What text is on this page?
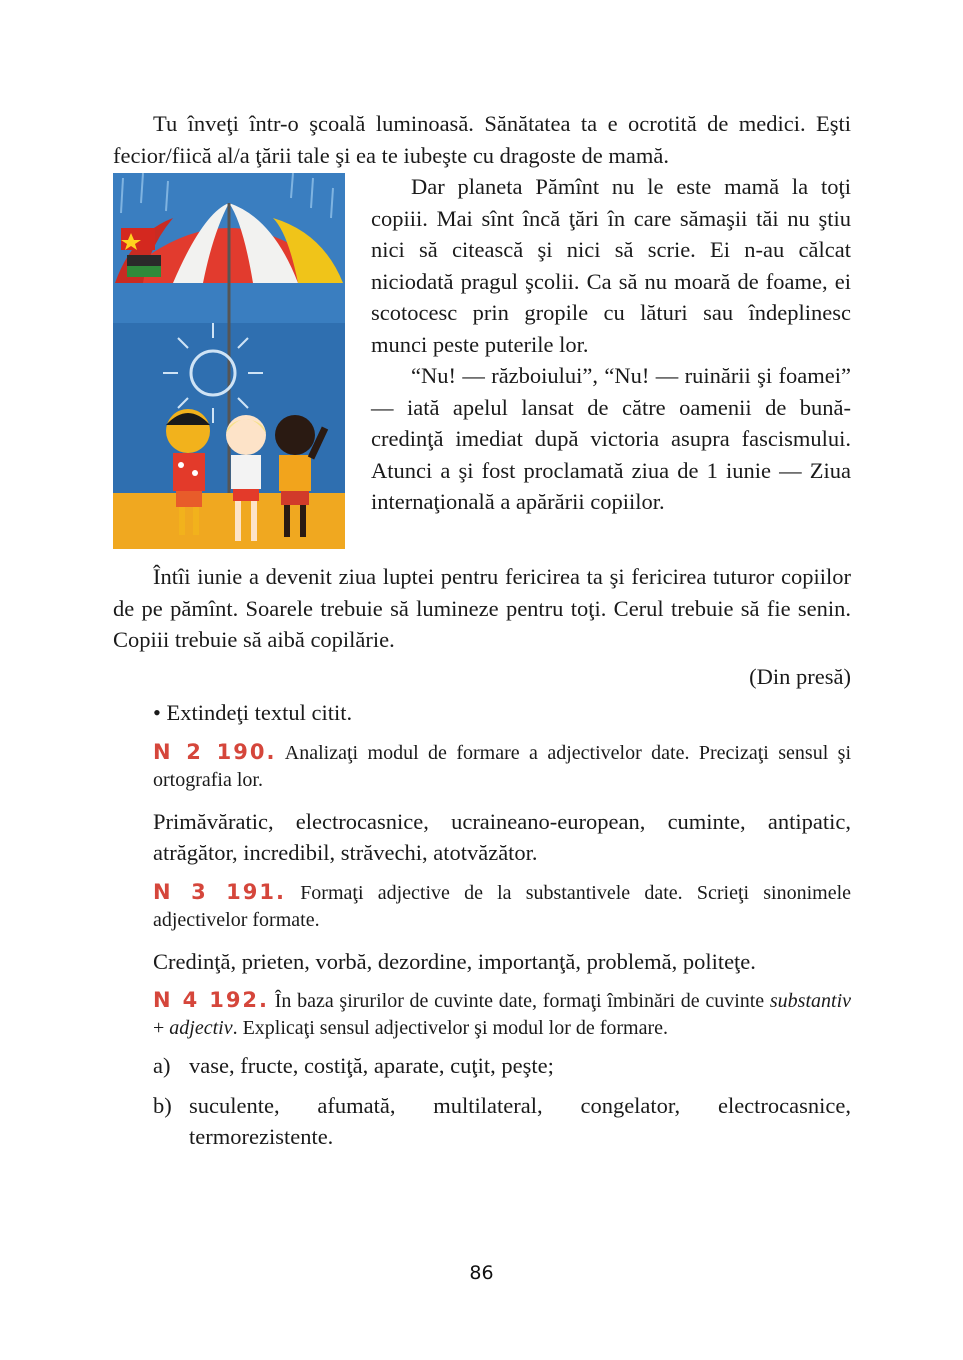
Tu înveţi într-o şcoală luminoasă. Sănătatea ta e ocrotită de medici. Eşti fecior/fiică al/a ţării tale şi ea te iubeşte cu dragoste de mamă.

Dar planeta Pămînt nu le este mamă la toţi copiii. Mai sînt încă ţări în care sămaşii tăi nu ştiu nici să citească şi nici să scrie. Ei n-au călcat niciodată pragul şcolii. Ca să nu moară de foame, ei scotocesc prin gropile cu lături sau îndeplinesc munci peste puterile lor.

“Nu! — războiului”, “Nu! — ruinării şi foamei” — iată apelul lansat de către oamenii de bună-credinţă imediat după victoria asupra fascismului. Atunci a şi fost proclamată ziua de 1 iunie — Ziua internaţională a apărării copiilor.

Întîi iunie a devenit ziua luptei pentru fericirea ta şi fericirea tuturor copiilor de pe pămînt. Soarele trebuie să lumineze pentru toţi. Cerul trebuie să fie senin. Copiii trebuie să aibă copilărie.

(Din presă)

• Extindeţi textul citit.

N 2 190. Analizaţi modul de formare a adjectivelor date. Precizaţi sensul şi ortografia lor.

Primăvăratic, electrocasnice, ucraineano-european, cuminte, antipatic, atrăgător, incredibil, străvechi, atotvăzător.

N 3 191. Formaţi adjective de la substantivele date. Scrieţi sinonimele adjectivelor formate.

Credinţă, prieten, vorbă, dezordine, importanţă, problemă, politeţe.

N 4 192. În baza şirurilor de cuvinte date, formaţi îmbinări de cuvinte substantiv + adjectiv. Explicaţi sensul adjectivelor şi modul lor de formare.

a) vase, fructe, costiţă, aparate, cuţit, peşte;
b) suculente, afumată, multilateral, congelator, electrocasnice, termorezistente.
86
